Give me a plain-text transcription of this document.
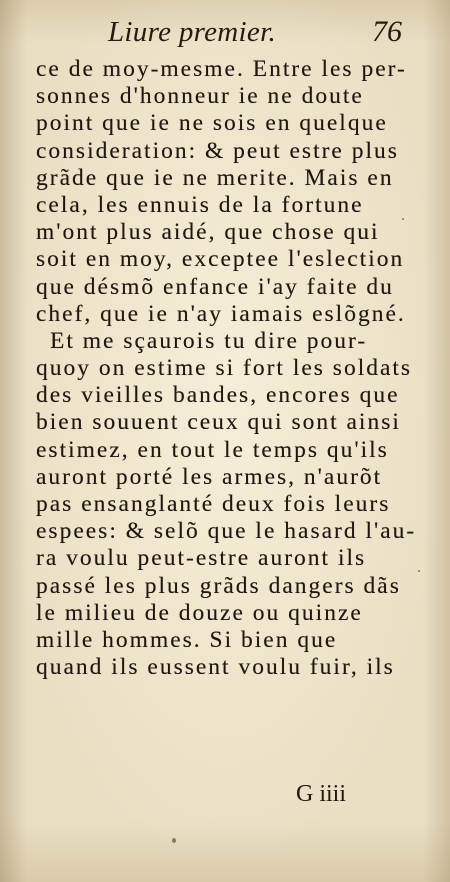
Liure premier.	76
ce de moy-mesme. Entre les per-
sonnes d'honneur ie ne doute
point que ie ne sois en quelque
consideration: & peut estre plus
grãde que ie ne merite. Mais en
cela, les ennuis de la fortune
m'ont plus aidé, que chose qui
soit en moy, exceptee l'eslection
que désmõ enfance i'ay faite du
chef, que ie n'ay iamais eslõgné.
Et me sçaurois tu dire pour-
quoy on estime si fort les soldats
des vieilles bandes, encores que
bien souuent ceux qui sont ainsi
estimez, en tout le temps qu'ils
auront porté les armes, n'aurõt
pas ensanglanté deux fois leurs
espees: & selõ que le hasard l'au-
ra voulu peut-estre auront ils
passé les plus grãds dangers dãs
le milieu de douze ou quinze
mille hommes. Si bien que
quand ils eussent voulu fuir, ils
G iiii
